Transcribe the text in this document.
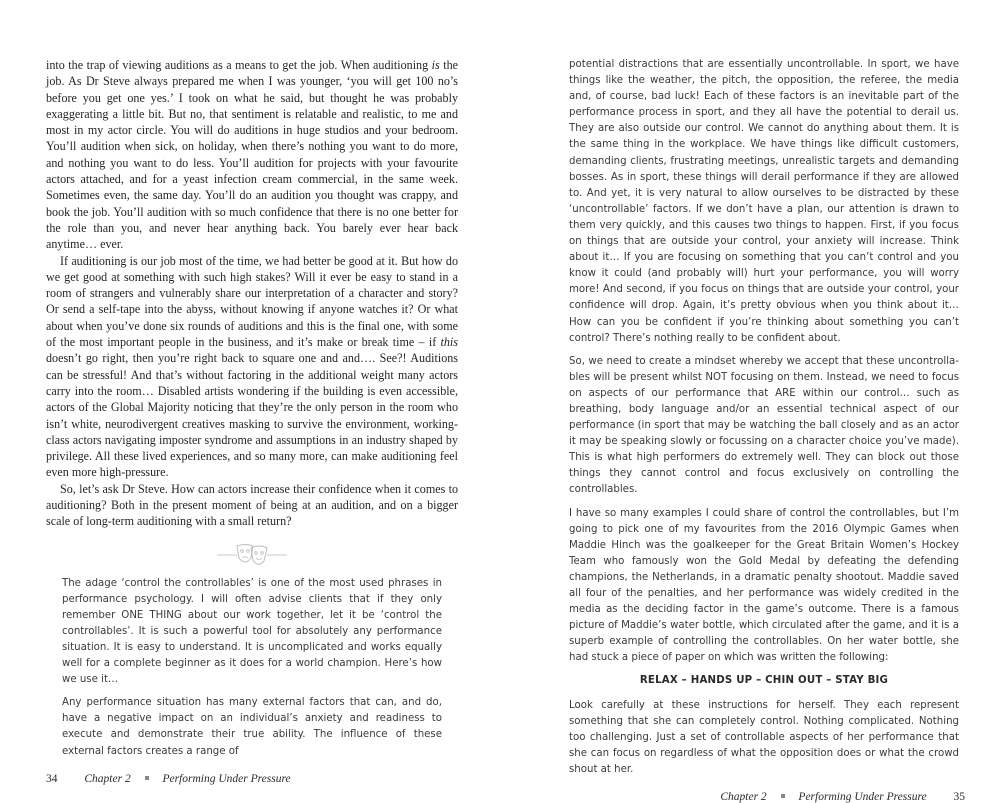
into the trap of viewing auditions as a means to get the job. When auditioning is the job. As Dr Steve always prepared me when I was younger, ‘you will get 100 no’s before you get one yes.’ I took on what he said, but thought he was probably exaggerating a little bit. But no, that sentiment is relatable and realistic, to me and most in my actor circle. You will do auditions in huge studios and your bedroom. You’ll audition when sick, on holiday, when there’s nothing you want to do more, and nothing you want to do less. You’ll audition for projects with your favourite actors attached, and for a yeast infection cream commercial, in the same week. Sometimes even, the same day. You’ll do an audition you thought was crappy, and book the job. You’ll audition with so much confidence that there is no one better for the role than you, and never hear anything back. You barely ever hear back anytime… ever.

If auditioning is our job most of the time, we had better be good at it. But how do we get good at something with such high stakes? Will it ever be easy to stand in a room of strangers and vulnerably share our interpretation of a character and story? Or send a self-tape into the abyss, without knowing if anyone watches it? Or what about when you’ve done six rounds of auditions and this is the final one, with some of the most important people in the business, and it’s make or break time – if this doesn’t go right, then you’re right back to square one and and…. See?! Auditions can be stressful! And that’s without factoring in the additional weight many actors carry into the room… Disabled artists wondering if the building is even accessible, actors of the Global Majority noticing that they’re the only person in the room who isn’t white, neurodivergent creatives masking to survive the environment, working-class actors navigating imposter syndrome and assumptions in an industry shaped by privilege. All these lived experiences, and so many more, can make auditioning feel even more high-pressure.

So, let’s ask Dr Steve. How can actors increase their confidence when it comes to auditioning? Both in the present moment of being at an audition, and on a bigger scale of long-term auditioning with a small return?

The adage ‘control the controllables’ is one of the most used phrases in performance psychology. I will often advise clients that if they only remember ONE THING about our work together, let it be ‘control the controllables’. It is such a powerful tool for absolutely any performance situation. It is easy to understand. It is uncomplicated and works equally well for a complete beginner as it does for a world champion. Here’s how we use it…

Any performance situation has many external factors that can, and do, have a negative impact on an individual’s anxiety and readiness to execute and demonstrate their true ability. The influence of these external factors creates a range of

34 Chapter 2	Performing Under Pressure

potential distractions that are essentially uncontrollable. In sport, we have things like the weather, the pitch, the opposition, the referee, the media and, of course, bad luck! Each of these factors is an inevitable part of the performance process in sport, and they all have the potential to derail us. They are also outside our control. We cannot do anything about them. It is the same thing in the workplace. We have things like difficult customers, demanding clients, frustrating meetings, unrealistic targets and demanding bosses. As in sport, these things will derail performance if they are allowed to. And yet, it is very natural to allow ourselves to be distracted by these ‘uncontrollable’ factors. If we don’t have a plan, our attention is drawn to them very quickly, and this causes two things to happen. First, if you focus on things that are outside your control, your anxiety will increase. Think about it… If you are focusing on something that you can’t control and you know it could (and probably will) hurt your performance, you will worry more! And second, if you focus on things that are outside your control, your confidence will drop. Again, it’s pretty obvious when you think about it… How can you be confident if you’re thinking about something you can’t control? There’s nothing really to be confident about.

So, we need to create a mindset whereby we accept that these uncontrollables will be present whilst NOT focusing on them. Instead, we need to focus on aspects of our performance that ARE within our control… such as breathing, body language and/or an essential technical aspect of our performance (in sport that may be watching the ball closely and as an actor it may be speaking slowly or focussing on a character choice you’ve made). This is what high performers do extremely well. They can block out those things they cannot control and focus exclusively on controlling the controllables.

I have so many examples I could share of control the controllables, but I’m going to pick one of my favourites from the 2016 Olympic Games when Maddie Hinch was the goalkeeper for the Great Britain Women’s Hockey Team who famously won the Gold Medal by defeating the defending champions, the Netherlands, in a dramatic penalty shootout. Maddie saved all four of the penalties, and her performance was widely credited in the media as the deciding factor in the game’s outcome. There is a famous picture of Maddie’s water bottle, which circulated after the game, and it is a superb example of controlling the controllables. On her water bottle, she had stuck a piece of paper on which was written the following:

RELAX – HANDS UP – CHIN OUT – STAY BIG

Look carefully at these instructions for herself. They each represent something that she can completely control. Nothing complicated. Nothing too challenging. Just a set of controllable aspects of her performance that she can focus on regardless of what the opposition does or what the crowd shout at her.

Chapter 2	Performing Under Pressure 35
